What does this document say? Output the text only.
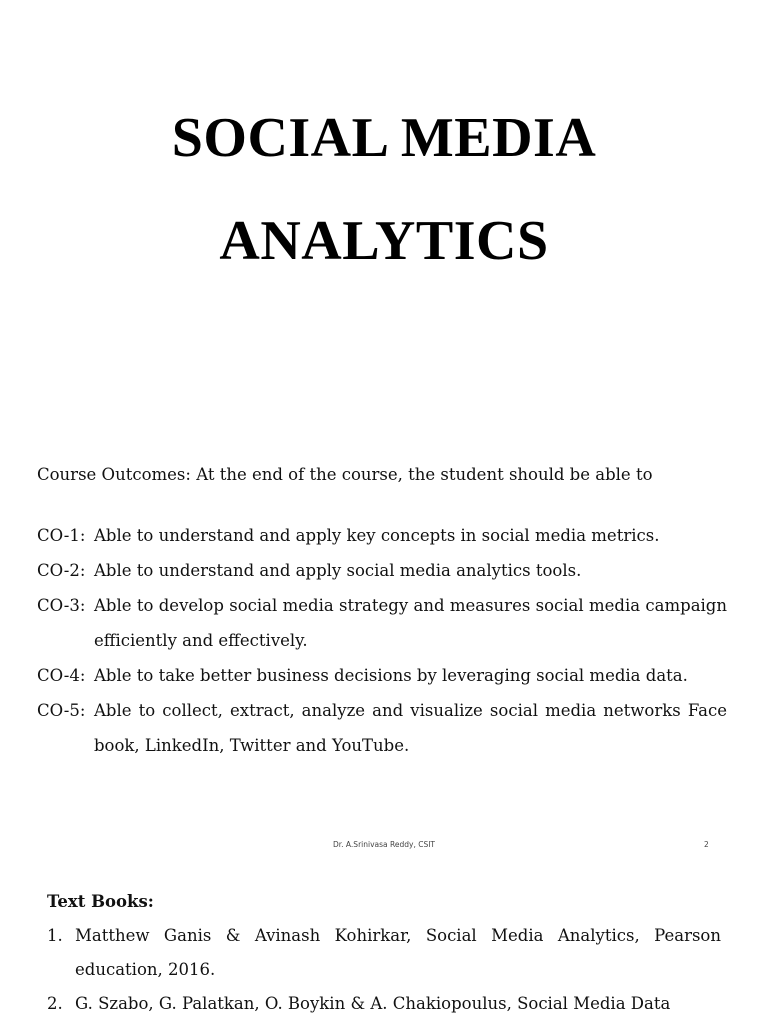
SOCIAL MEDIA
ANALYTICS
Course Outcomes: At the end of the course, the student should be able to
CO-1: Able to understand and apply key concepts in social media metrics.
CO-2: Able to understand and apply social media analytics tools.
CO-3: Able to develop social media strategy and measures social media campaign efficiently and effectively.
CO-4: Able to take better business decisions by leveraging social media data.
CO-5: Able to collect, extract, analyze and visualize social media networks Face book, LinkedIn, Twitter and YouTube.
Dr. A.Srinivasa Reddy, CSIT	2
Text Books:
1. Matthew Ganis & Avinash Kohirkar, Social Media Analytics, Pearson education, 2016.
2. G. Szabo, G. Palatkan, O. Boykin & A. Chakiopoulus, Social Media Data
